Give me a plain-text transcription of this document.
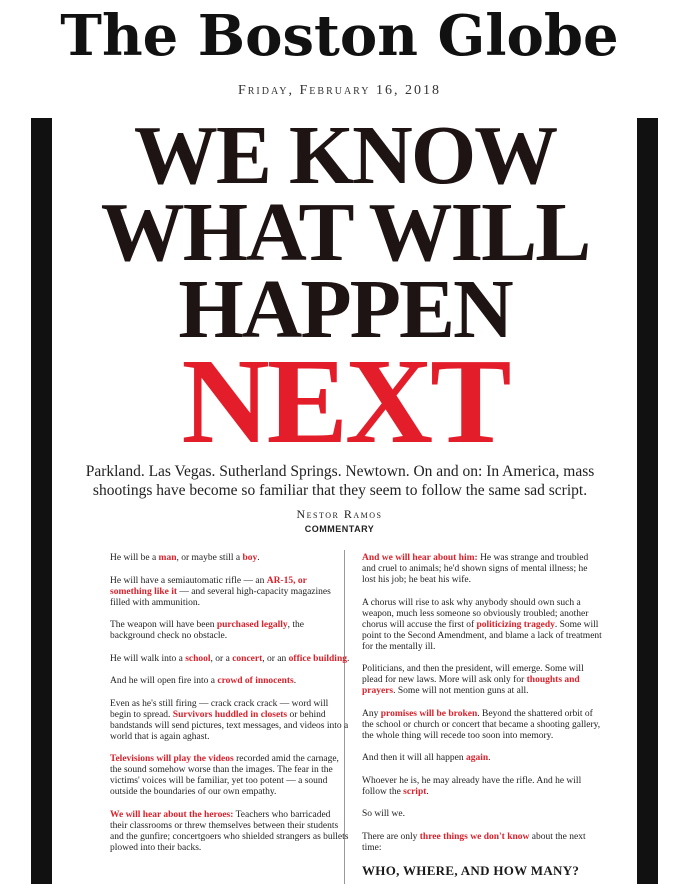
The Boston Globe
Friday, February 16, 2018
WE KNOW
WHAT WILL
HAPPEN
NEXT
Parkland. Las Vegas. Sutherland Springs. Newtown. On and on: In America, mass shootings have become so familiar that they seem to follow the same sad script.
Nestor Ramos
COMMENTARY

He will be a man, or maybe still a boy.

He will have a semiautomatic rifle — an AR-15, or something like it — and several high-capacity magazines filled with ammunition.

The weapon will have been purchased legally, the background check no obstacle.

He will walk into a school, or a concert, or an office building.

And he will open fire into a crowd of innocents.

Even as he's still firing — crack crack crack — word will begin to spread. Survivors huddled in closets or behind bandstands will send pictures, text messages, and videos into a world that is again aghast.

Televisions will play the videos recorded amid the carnage, the sound somehow worse than the images. The fear in the victims' voices will be familiar, yet too potent — a sound outside the boundaries of our own empathy.

We will hear about the heroes: Teachers who barricaded their classrooms or threw themselves between their students and the gunfire; concertgoers who shielded strangers as bullets plowed into their backs.

And we will hear about him: He was strange and troubled and cruel to animals; he'd shown signs of mental illness; he lost his job; he beat his wife.

A chorus will rise to ask why anybody should own such a weapon, much less someone so obviously troubled; another chorus will accuse the first of politicizing tragedy. Some will point to the Second Amendment, and blame a lack of treatment for the mentally ill.

Politicians, and then the president, will emerge. Some will plead for new laws. More will ask only for thoughts and prayers. Some will not mention guns at all.

Any promises will be broken. Beyond the shattered orbit of the school or church or concert that became a shooting gallery, the whole thing will recede too soon into memory.

And then it will all happen again.

Whoever he is, he may already have the rifle. And he will follow the script.

So will we.

There are only three things we don't know about the next time:

WHO, WHERE, AND HOW MANY?
